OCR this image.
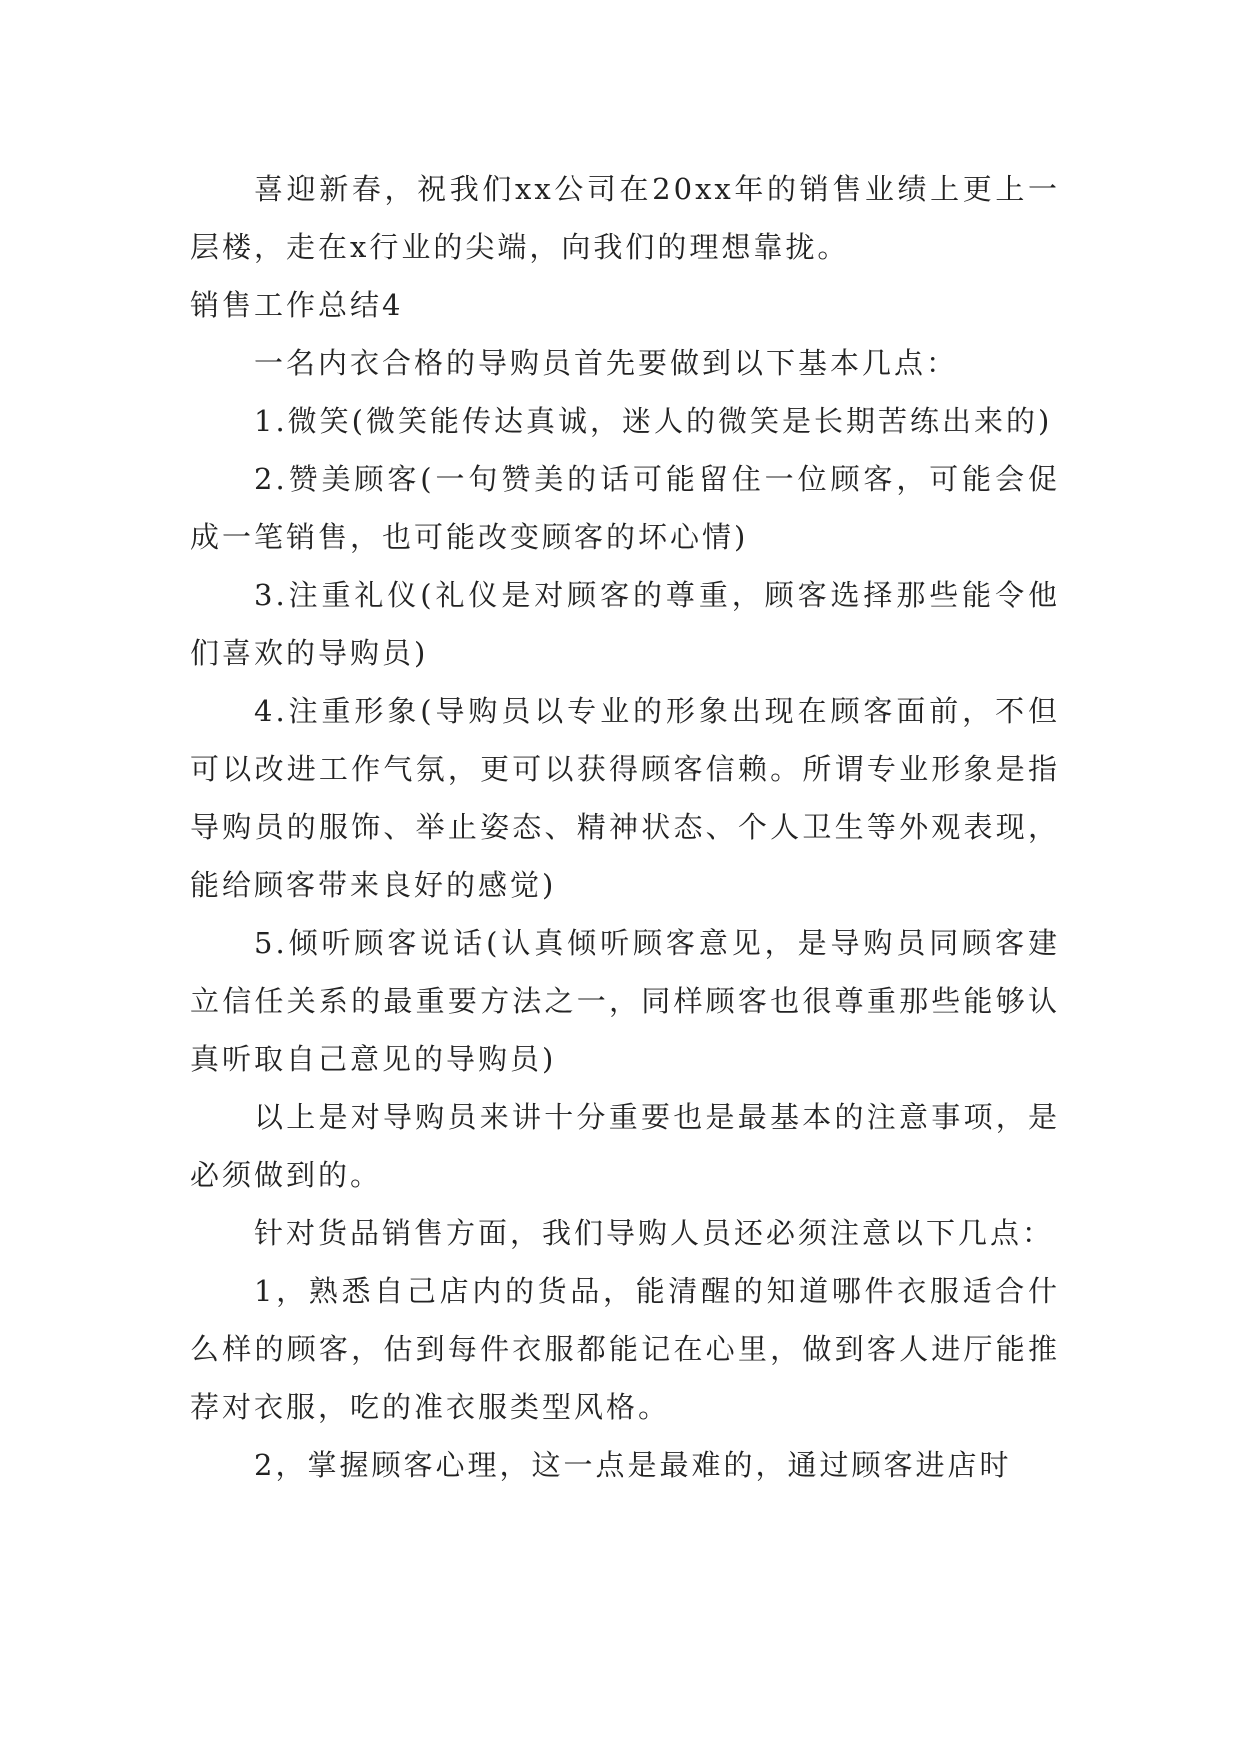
喜迎新春，祝我们xx公司在20xx年的销售业绩上更上一层楼，走在x行业的尖端，向我们的理想靠拢。

销售工作总结4

一名内衣合格的导购员首先要做到以下基本几点：

1.微笑(微笑能传达真诚，迷人的微笑是长期苦练出来的)

2.赞美顾客(一句赞美的话可能留住一位顾客，可能会促成一笔销售，也可能改变顾客的坏心情)

3.注重礼仪(礼仪是对顾客的尊重，顾客选择那些能令他们喜欢的导购员)

4.注重形象(导购员以专业的形象出现在顾客面前，不但可以改进工作气氛，更可以获得顾客信赖。所谓专业形象是指导购员的服饰、举止姿态、精神状态、个人卫生等外观表现，能给顾客带来良好的感觉)

5.倾听顾客说话(认真倾听顾客意见，是导购员同顾客建立信任关系的最重要方法之一，同样顾客也很尊重那些能够认真听取自己意见的导购员)

以上是对导购员来讲十分重要也是最基本的注意事项，是必须做到的。

针对货品销售方面，我们导购人员还必须注意以下几点：

1，熟悉自己店内的货品，能清醒的知道哪件衣服适合什么样的顾客，估到每件衣服都能记在心里，做到客人进厅能推荐对衣服，吃的准衣服类型风格。

2，掌握顾客心理，这一点是最难的，通过顾客进店时
